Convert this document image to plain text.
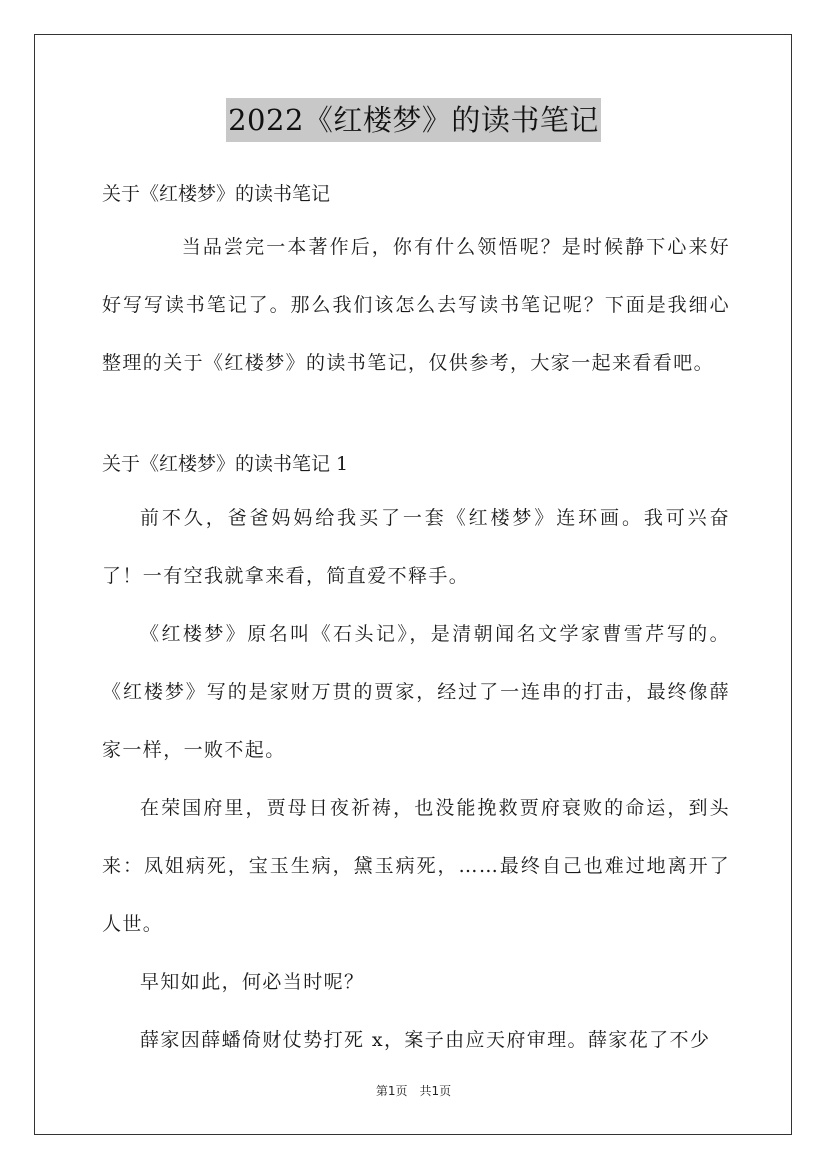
2022《红楼梦》的读书笔记
关于《红楼梦》的读书笔记

当品尝完一本著作后，你有什么领悟呢？是时候静下心来好好写写读书笔记了。那么我们该怎么去写读书笔记呢？下面是我细心整理的关于《红楼梦》的读书笔记，仅供参考，大家一起来看看吧。

关于《红楼梦》的读书笔记 1

前不久，爸爸妈妈给我买了一套《红楼梦》连环画。我可兴奋了！一有空我就拿来看，简直爱不释手。

《红楼梦》原名叫《石头记》，是清朝闻名文学家曹雪芹写的。《红楼梦》写的是家财万贯的贾家，经过了一连串的打击，最终像薛家一样，一败不起。

在荣国府里，贾母日夜祈祷，也没能挽救贾府衰败的命运，到头来：凤姐病死，宝玉生病，黛玉病死，……最终自己也难过地离开了人世。

早知如此，何必当时呢？

薛家因薛蟠倚财仗势打死 x，案子由应天府审理。薛家花了不少

第1页　共1页
